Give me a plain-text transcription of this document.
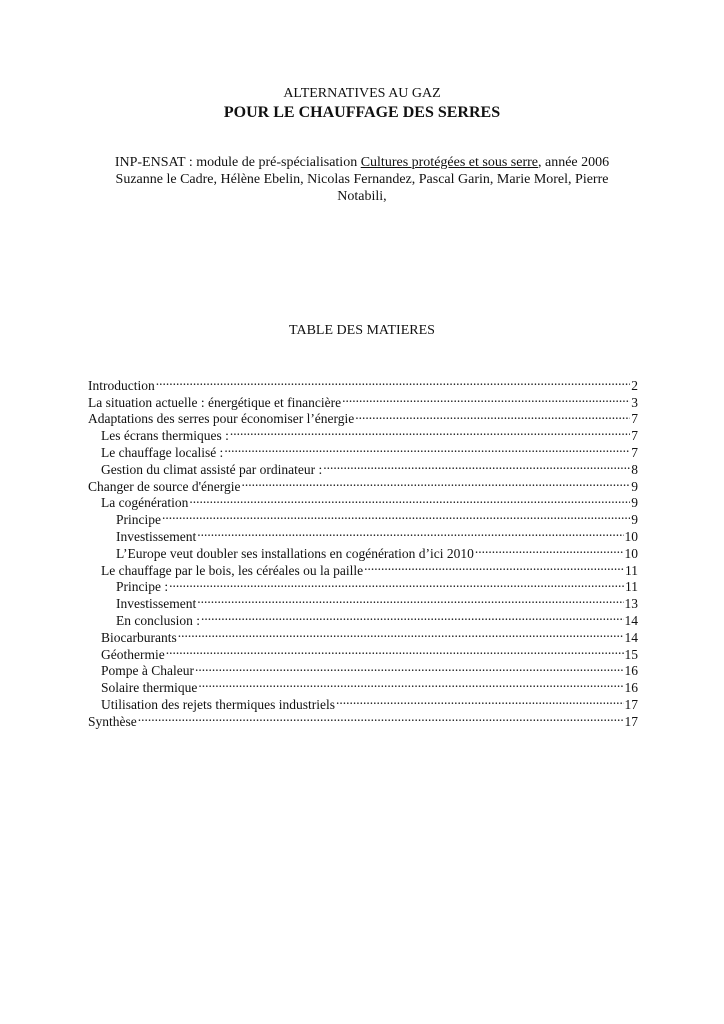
ALTERNATIVES AU GAZ
POUR LE CHAUFFAGE DES SERRES
INP-ENSAT : module de pré-spécialisation Cultures protégées et sous serre, année 2006
Suzanne le Cadre, Hélène Ebelin, Nicolas Fernandez, Pascal Garin, Marie Morel, Pierre Notabili,
TABLE DES MATIERES
Introduction .....	2
La situation actuelle : énergétique et financière .....	3
Adaptations des serres pour économiser l’énergie .....	7
Les écrans thermiques : .....	7
Le chauffage localisé : .....	7
Gestion du climat assisté par ordinateur : .....	8
Changer de source d'énergie .....	9
La cogénération .....	9
Principe .....	9
Investissement .....	10
L’Europe veut doubler ses installations en cogénération d’ici 2010 .....	10
Le chauffage par le bois, les céréales ou la paille .....	11
Principe : .....	11
Investissement .....	13
En conclusion : .....	14
Biocarburants .....	14
Géothermie .....	15
Pompe à Chaleur .....	16
Solaire thermique .....	16
Utilisation des rejets thermiques industriels .....	17
Synthèse .....	17
